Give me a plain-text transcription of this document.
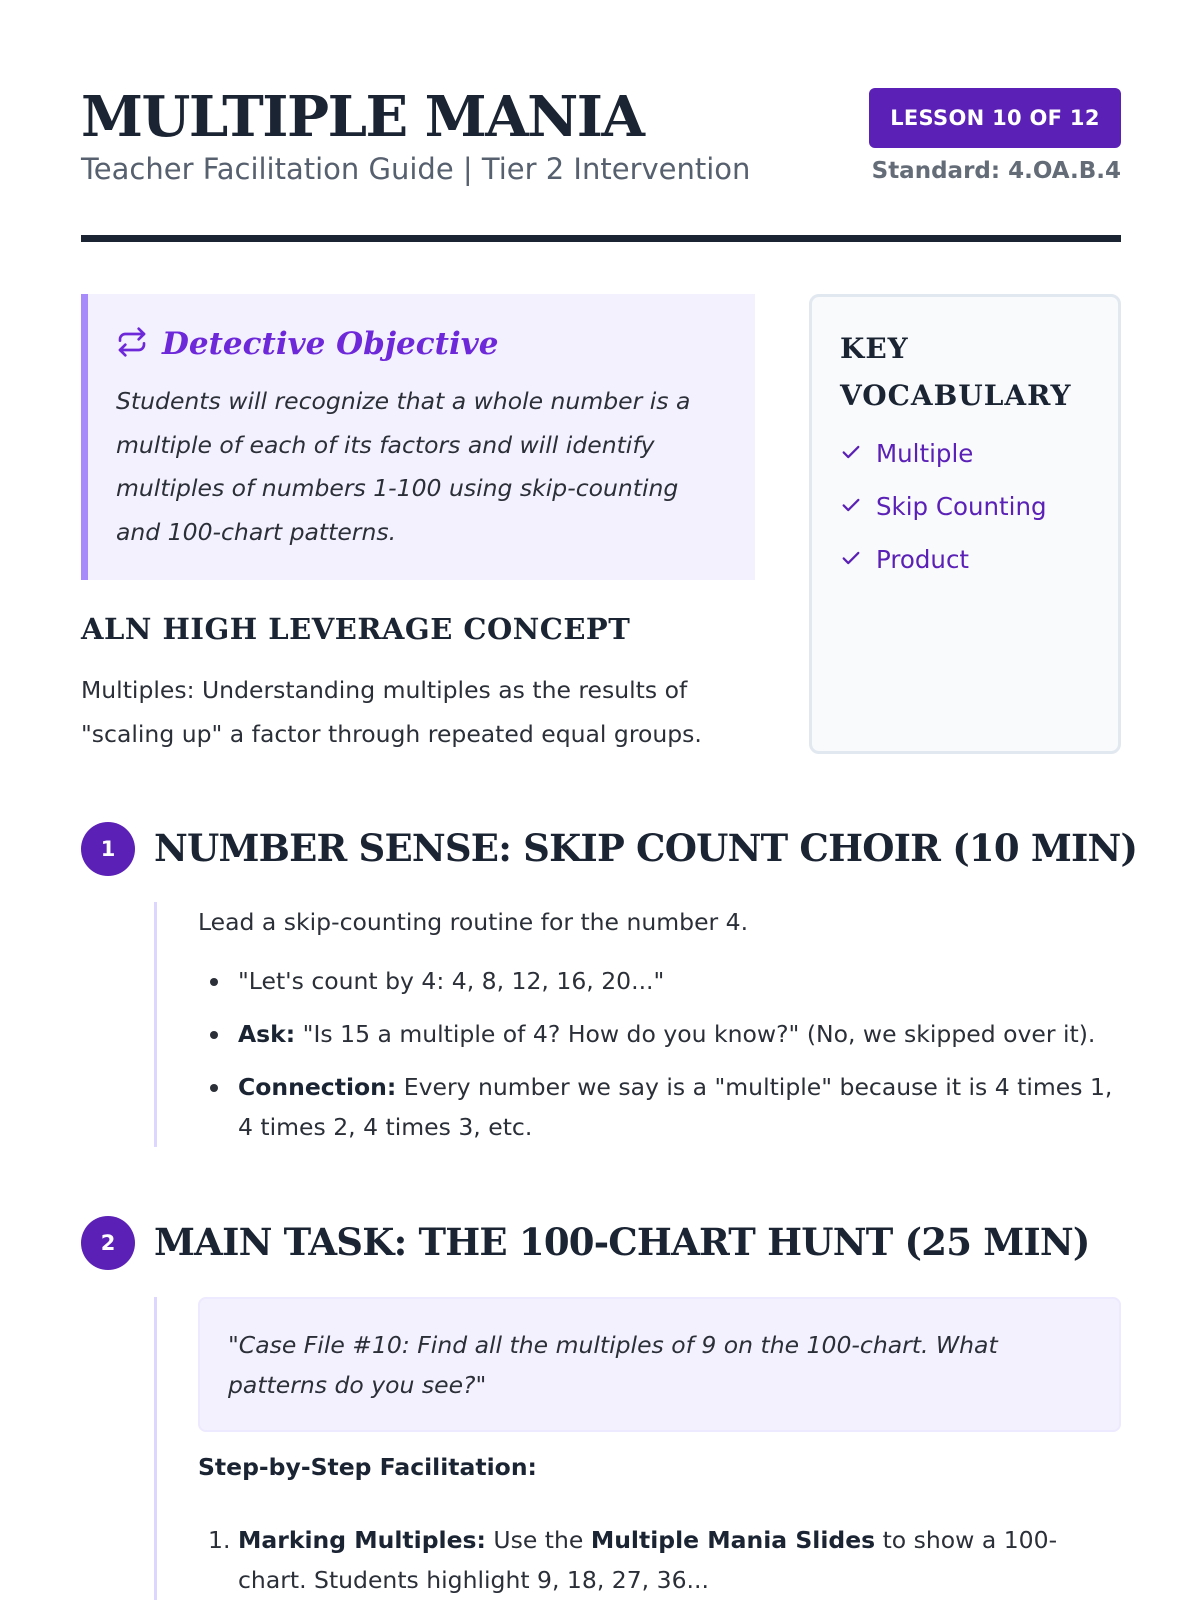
MULTIPLE MANIA
Teacher Facilitation Guide | Tier 2 Intervention
LESSON 10 OF 12
Standard: 4.OA.B.4
Detective Objective
Students will recognize that a whole number is a multiple of each of its factors and will identify multiples of numbers 1-100 using skip-counting and 100-chart patterns.
ALN HIGH LEVERAGE CONCEPT
Multiples: Understanding multiples as the results of "scaling up" a factor through repeated equal groups.
KEY VOCABULARY
Multiple
Skip Counting
Product
1	NUMBER SENSE: SKIP COUNT CHOIR (10 MIN)
Lead a skip-counting routine for the number 4.
"Let's count by 4: 4, 8, 12, 16, 20..."
Ask: "Is 15 a multiple of 4? How do you know?" (No, we skipped over it).
Connection: Every number we say is a "multiple" because it is 4 times 1, 4 times 2, 4 times 3, etc.
2	MAIN TASK: THE 100-CHART HUNT (25 MIN)
"Case File #10: Find all the multiples of 9 on the 100-chart. What patterns do you see?"
Step-by-Step Facilitation:
1. Marking Multiples: Use the Multiple Mania Slides to show a 100-chart. Students highlight 9, 18, 27, 36...
